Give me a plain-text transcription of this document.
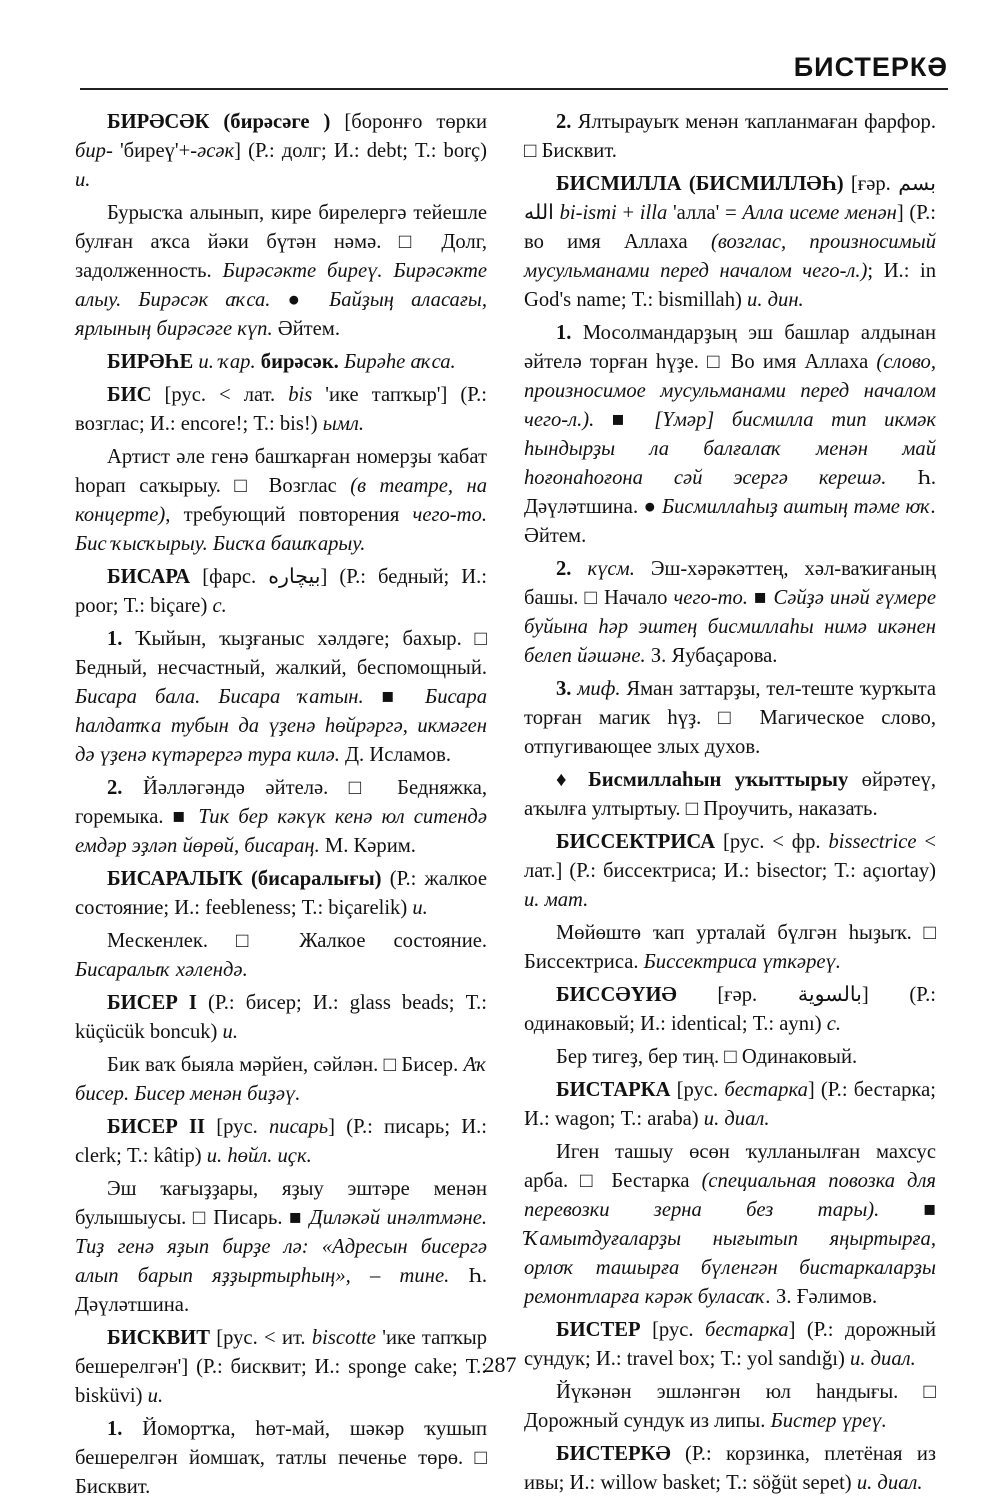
БИСТЕРКӘ
БИРӘСӘК (бирәсәге ) [боронғо төрки бир- 'биреү'+-әсәк] (Р.: долг; И.: debt; Т.: borç) и.
Бурысҡа алынып, кире бирелергә тейешле булған аҡса йәки бүтән нәмә. □ Долг, задолженность. Бирәсәкте биреү. Бирәсәкте алыу. Бирәсәк аҡса. ● Байҙың аласағы, ярлының бирәсәге күп. Әйтем.
БИРӘҺЕ и. ҡар. бирәсәк. Бирәһе аҡса.
БИС [рус. < лат. bis 'ике тапҡыр'] (Р.: возглас; И.: encore!; Т.: bis!) ымл.
Артист әле генә башҡарған номерҙы ҡабат һорап саҡырыу. □ Возглас (в театре, на концерте), требующий повторения чего-то. Бис ҡысҡырыу. Бисҡа башҡарыу.
БИСАРА [фарс. بیچاره] (Р.: бедный; И.: poor; Т.: biçare) с.
1. Ҡыйын, ҡыҙғаныс хәлдәге; бахыр. □ Бедный, несчастный, жалкий, беспомощный. Бисара бала. Бисара ҡатын. ■ Бисара һалдатҡа тубын да үҙенә һөйрәргә, икмәген дә үҙенә күтәрергә тура килә. Д. Исламов.
2. Йәлләгәндә әйтелә. □ Бедняжка, горемыка. ■ Тик бер кәкүк кенә юл ситендә емдәр эҙләп йөрөй, бисараң. М. Кәрим.
БИСАРАЛЫҠ (бисаралығы) (Р.: жалкое состояние; И.: feebleness; Т.: biçarelik) и.
Мескенлек. □ Жалкое состояние. Бисаралыҡ хәлендә.
БИСЕР I (Р.: бисер; И.: glass beads; Т.: küçücük boncuk) и.
Бик ваҡ быяла мәрйен, сәйлән. □ Бисер. Аҡ бисер. Бисер менән биҙәү.
БИСЕР II [рус. писарь] (Р.: писарь; И.: clerk; Т.: kâtip) и. һөйл. иҫк.
Эш ҡағыҙҙары, яҙыу эштәре менән булышыусы. □ Писарь. ■ Диләкәй инәлтмәне. Тиҙ генә яҙып бирҙе лә: «Адресын бисергә алып барып яҙҙыртырһың», – тине. Һ. Дәүләтшина.
БИСКВИТ [рус. < ит. biscotte 'ике тапҡыр бешерелгән'] (Р.: бисквит; И.: sponge cake; Т.: bisküvi) и.
1. Йомортҡа, һөт-май, шәкәр ҡушып бешерелгән йомшаҡ, татлы печенье төрө. □ Бисквит.
2. Ялтырауыҡ менән ҡапланмаған фарфор. □ Бисквит.
БИСМИЛЛА (БИСМИЛЛӘҺ) [ғәр. بسم الله bi-ismi + illa 'алла' = Алла исеме менән] (Р.: во имя Аллаха (возглас, произносимый мусульманами перед началом чего-л.); И.: in God's name; Т.: bismillah) и. дин.
1. Мосолмандарҙың эш башлар алдынан әйтелә торған һүҙе. □ Во имя Аллаха (слово, произносимое мусульманами перед началом чего-л.). ■ [Үмәр] бисмилла тип икмәк һындырҙы ла балғалаҡ менән май һоғонаһоғона сәй эсергә керешә. Һ. Дәүләтшина. ● Бисмиллаһыҙ аштың тәме юҡ. Әйтем.
2. күсм. Эш-хәрәкәттең, хәл-ваҡиғаның башы. □ Начало чего-то. ■ Сәйҙә инәй ғүмере буйына һәр эштең бисмиллаһы нимә икәнен белеп йәшәне. З. Яубаҫарова.
3. миф. Яман заттарҙы, тел-теште ҡурҡыта торған магик һүҙ. □ Магическое слово, отпугивающее злых духов.
♦ Бисмиллаһын уҡыттырыу өйрәтеү, аҡылға ултыртыу. □ Проучить, наказать.
БИССЕКТРИСА [рус. < фр. bissectrice < лат.] (Р.: биссектриса; И.: bisector; Т.: açıortay) и. мат.
Мөйөштө ҡап урталай бүлгән һыҙыҡ. □ Биссектриса. Биссектриса үткәреү.
БИССӘҮИӘ [ғәр. بالسوية] (Р.: одинаковый; И.: identical; Т.: aynı) с.
Бер тигеҙ, бер тиң. □ Одинаковый.
БИСТАРКА [рус. бестарка] (Р.: бестарка; И.: wagon; Т.: araba) и. диал.
Иген ташыу өсөн ҡулланылған махсус арба. □ Бестарка (специальная повозка для перевозки зерна без тары). ■ Ҡамытдуғаларҙы нығытып яңыртырға, орлоҡ ташырға бүленгән бистаркаларҙы ремонтларға кәрәк буласаҡ. З. Ғәлимов.
БИСТЕР [рус. бестарка] (Р.: дорожный сундук; И.: travel box; Т.: yol sandığı) и. диал.
Йүкәнән эшләнгән юл һандығы. □ Дорожный сундук из липы. Бистер үреү.
БИСТЕРКӘ (Р.: корзинка, плетёная из ивы; И.: willow basket; Т.: söğüt sepet) и. диал.
287
